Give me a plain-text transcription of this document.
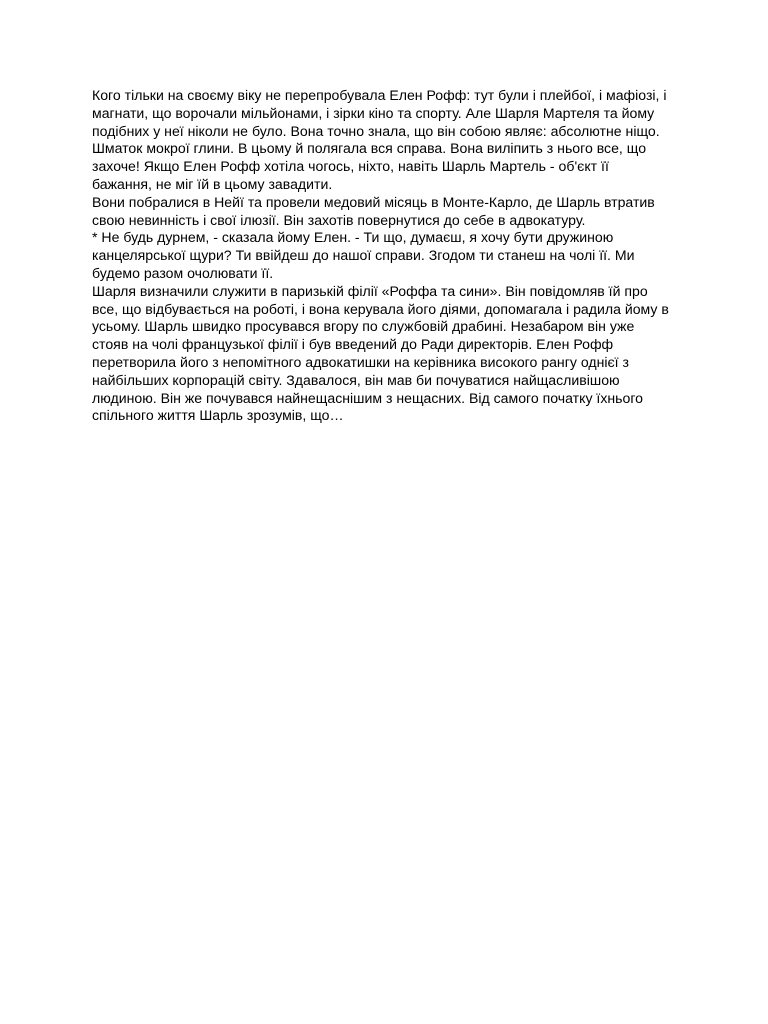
Кого тільки на своєму віку не перепробувала Елен Рофф: тут були і плейбої, і мафіозі, і
магнати, що ворочали мільйонами, і зірки кіно та спорту. Але Шарля Мартеля та йому
подібних у неї ніколи не було. Вона точно знала, що він собою являє: абсолютне ніщо.
Шматок мокрої глини. В цьому й полягала вся справа. Вона виліпить з нього все, що
захоче! Якщо Елен Рофф хотіла чогось, ніхто, навіть Шарль Мартель - об'єкт її
бажання, не міг їй в цьому завадити.

Вони побралися в Нейї та провели медовий місяць в Монте-Карло, де Шарль втратив
свою невинність і свої ілюзії. Він захотів повернутися до себе в адвокатуру.

* Не будь дурнем, - сказала йому Елен. - Ти що, думаєш, я хочу бути дружиною
канцелярської щури? Ти ввійдеш до нашої справи. Згодом ти станеш на чолі її. Ми
будемо разом очолювати її.

Шарля визначили служити в паризькій філії «Роффа та сини». Він повідомляв їй про
все, що відбувається на роботі, і вона керувала його діями, допомагала і радила йому в
усьому. Шарль швидко просувався вгору по службовій драбині. Незабаром він уже
стояв на чолі французької філії і був введений до Ради директорів. Елен Рофф
перетворила його з непомітного адвокатишки на керівника високого рангу однієї з
найбільших корпорацій світу. Здавалося, він мав би почуватися найщасливішою
людиною. Він же почувався найнещаснішим з нещасних. Від самого початку їхнього
спільного життя Шарль зрозумів, що…
